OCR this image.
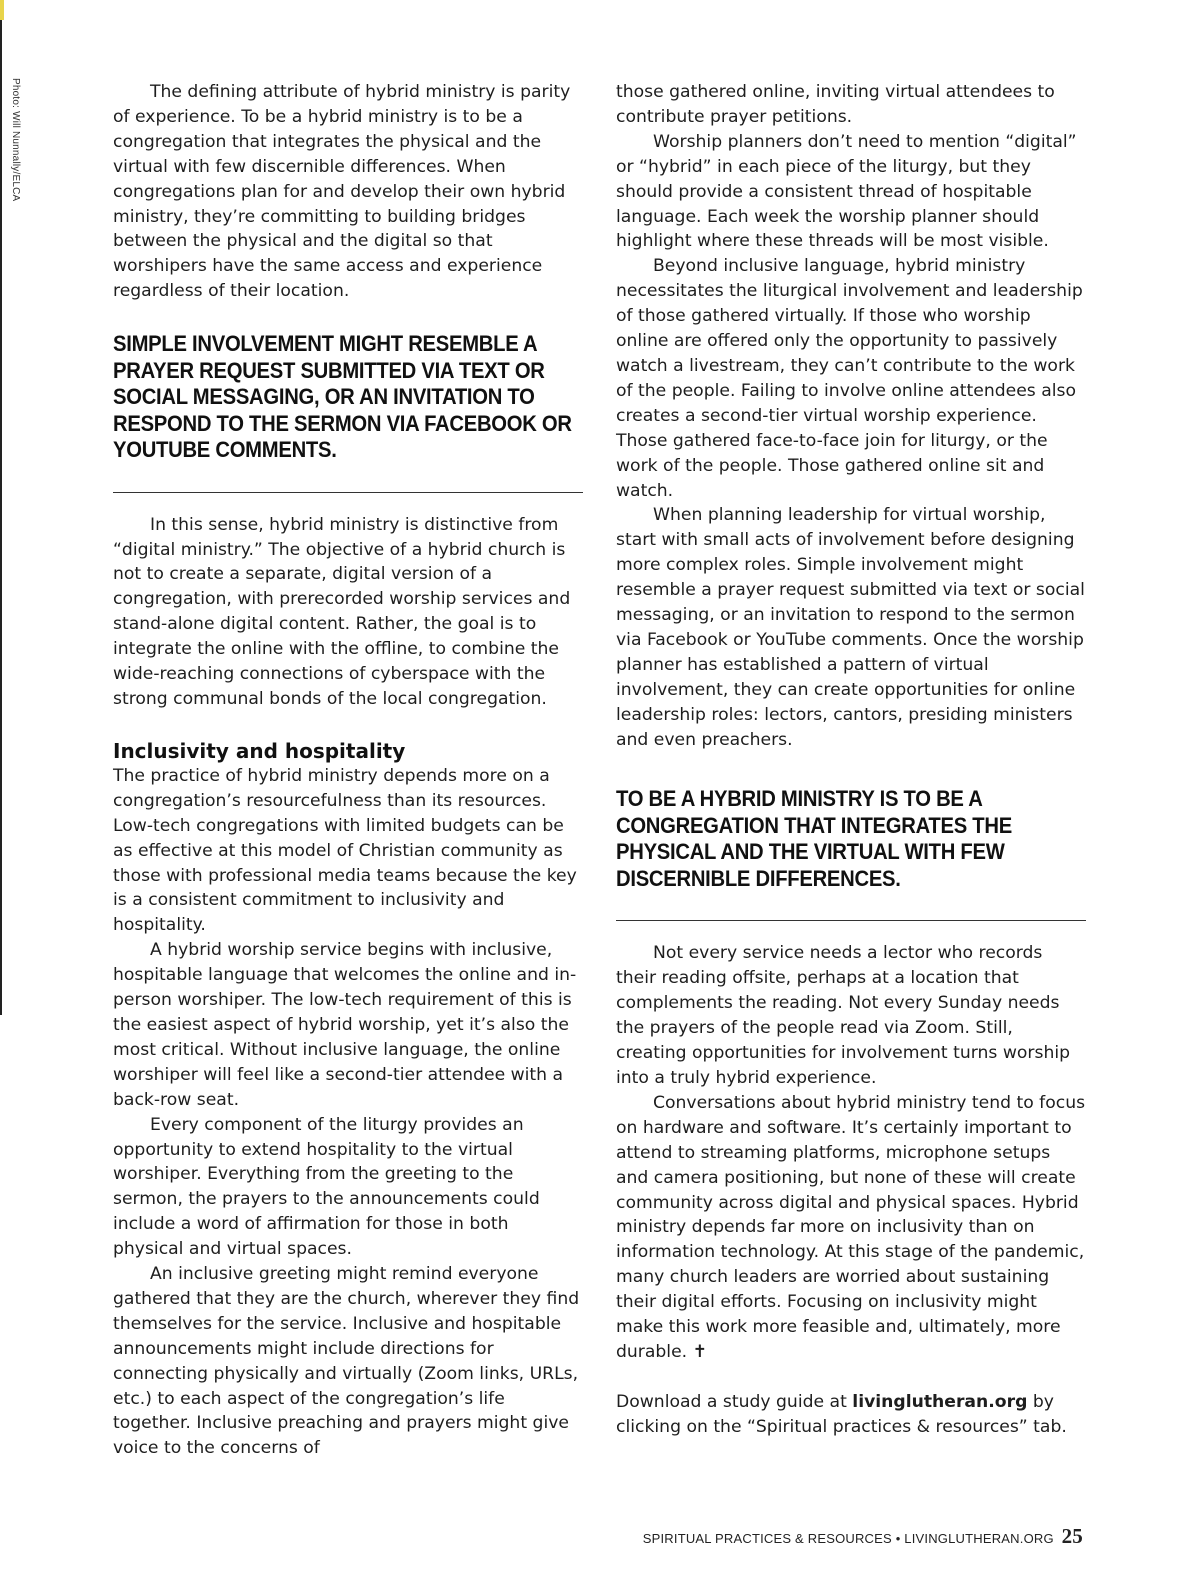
Photo: Will Nunnally/ELCA	The defining attribute of hybrid ministry is parity of experience. To be a hybrid ministry is to be a congregation that integrates the physical and the virtual with few discernible differences. When congregations plan for and develop their own hybrid ministry, they’re committing to building bridges between the physical and the digital so that worshipers have the same access and experience regardless of their location.

SIMPLE INVOLVEMENT MIGHT RESEMBLE A PRAYER REQUEST SUBMITTED VIA TEXT OR SOCIAL MESSAGING, OR AN INVITATION TO RESPOND TO THE SERMON VIA FACEBOOK OR YOUTUBE COMMENTS.

In this sense, hybrid ministry is distinctive from “digital ministry.” The objective of a hybrid church is not to create a separate, digital version of a congregation, with prerecorded worship services and stand-alone digital content. Rather, the goal is to integrate the online with the offline, to combine the wide-reaching connections of cyberspace with the strong communal bonds of the local congregation.

Inclusivity and hospitality

The practice of hybrid ministry depends more on a congregation’s resourcefulness than its resources. Low-tech congregations with limited budgets can be as effective at this model of Christian community as those with professional media teams because the key is a consistent commitment to inclusivity and hospitality.

A hybrid worship service begins with inclusive, hospitable language that welcomes the online and in-person worshiper. The low-tech requirement of this is the easiest aspect of hybrid worship, yet it’s also the most critical. Without inclusive language, the online worshiper will feel like a second-tier attendee with a back-row seat.

Every component of the liturgy provides an opportunity to extend hospitality to the virtual worshiper. Everything from the greeting to the sermon, the prayers to the announcements could include a word of affirmation for those in both physical and virtual spaces.

An inclusive greeting might remind everyone gathered that they are the church, wherever they find themselves for the service. Inclusive and hospitable announcements might include directions for connecting physically and virtually (Zoom links, URLs, etc.) to each aspect of the congregation’s life together. Inclusive preaching and prayers might give voice to the concerns of

those gathered online, inviting virtual attendees to contribute prayer petitions.

Worship planners don’t need to mention “digital” or “hybrid” in each piece of the liturgy, but they should provide a consistent thread of hospitable language. Each week the worship planner should highlight where these threads will be most visible.

Beyond inclusive language, hybrid ministry necessitates the liturgical involvement and leadership of those gathered virtually. If those who worship online are offered only the opportunity to passively watch a livestream, they can’t contribute to the work of the people. Failing to involve online attendees also creates a second-tier virtual worship experience. Those gathered face-to-face join for liturgy, or the work of the people. Those gathered online sit and watch.

When planning leadership for virtual worship, start with small acts of involvement before designing more complex roles. Simple involvement might resemble a prayer request submitted via text or social messaging, or an invitation to respond to the sermon via Facebook or YouTube comments. Once the worship planner has established a pattern of virtual involvement, they can create opportunities for online leadership roles: lectors, cantors, presiding ministers and even preachers.

TO BE A HYBRID MINISTRY IS TO BE A CONGREGATION THAT INTEGRATES THE PHYSICAL AND THE VIRTUAL WITH FEW DISCERNIBLE DIFFERENCES.

Not every service needs a lector who records their reading offsite, perhaps at a location that complements the reading. Not every Sunday needs the prayers of the people read via Zoom. Still, creating opportunities for involvement turns worship into a truly hybrid experience.

Conversations about hybrid ministry tend to focus on hardware and software. It’s certainly important to attend to streaming platforms, microphone setups and camera positioning, but none of these will create community across digital and physical spaces. Hybrid ministry depends far more on inclusivity than on information technology. At this stage of the pandemic, many church leaders are worried about sustaining their digital efforts. Focusing on inclusivity might make this work more feasible and, ultimately, more durable. ✝

Download a study guide at livinglutheran.org by clicking on the “Spiritual practices & resources” tab.

SPIRITUAL PRACTICES & RESOURCES • LIVINGLUTHERAN.ORG 25
